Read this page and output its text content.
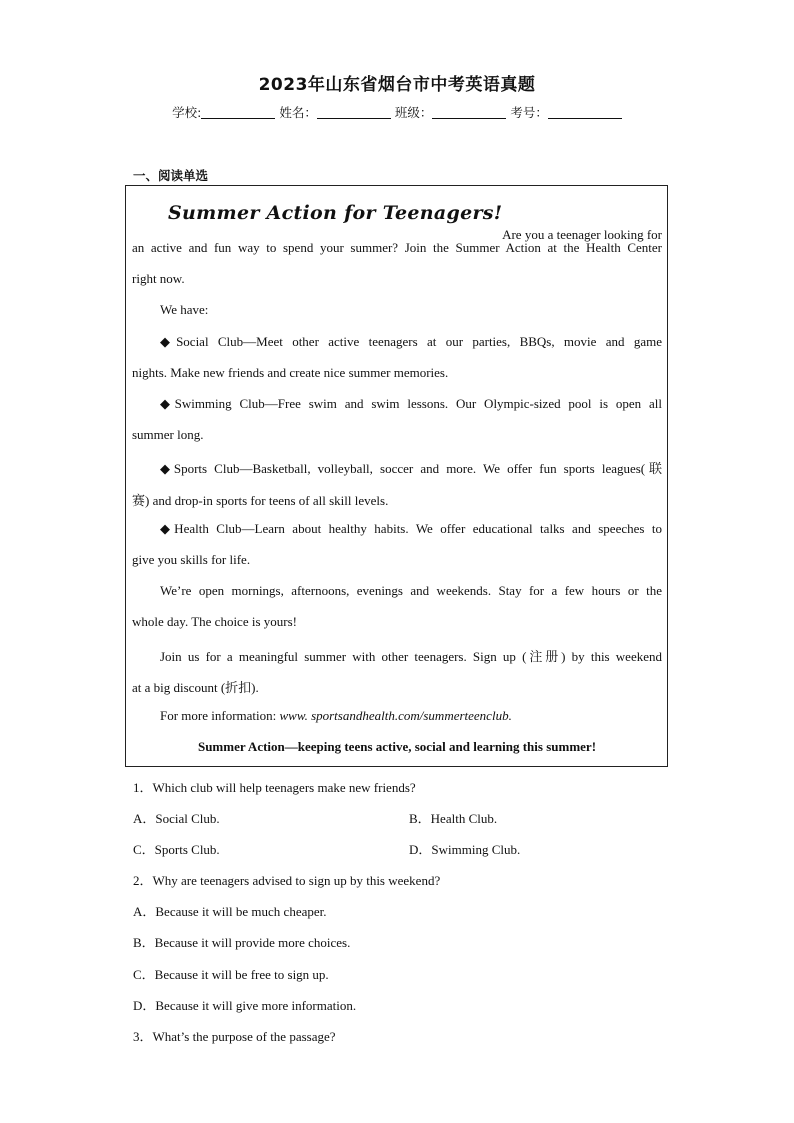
2023年山东省烟台市中考英语真题
学校:	姓名：	班级：	考号：
一、阅读单选
Summer Action for Teenagers!
Are you a teenager looking for
an active and fun way to spend your summer? Join the Summer Action at the Health Center
right now.
We have:
◆Social Club—Meet other active teenagers at our parties, BBQs, movie and game
nights. Make new friends and create nice summer memories.
◆Swimming Club—Free swim and swim lessons. Our Olympic-sized pool is open all
summer long.
◆Sports Club—Basketball, volleyball, soccer and more. We offer fun sports leagues(联
赛) and drop-in sports for teens of all skill levels.
◆Health Club—Learn about healthy habits. We offer educational talks and speeches to
give you skills for life.
We’re open mornings, afternoons, evenings and weekends. Stay for a few hours or the
whole day. The choice is yours!
Join us for a meaningful summer with other teenagers. Sign up (注册) by this weekend
at a big discount (折扣).
For more information: www. sportsandhealth.com/summerteenclub.
Summer Action—keeping teens active, social and learning this summer!
1．Which club will help teenagers make new friends?
A．Social Club.	B．Health Club.
C．Sports Club.	D．Swimming Club.
2．Why are teenagers advised to sign up by this weekend?
A．Because it will be much cheaper.
B．Because it will provide more choices.
C．Because it will be free to sign up.
D．Because it will give more information.
3．What’s the purpose of the passage?
